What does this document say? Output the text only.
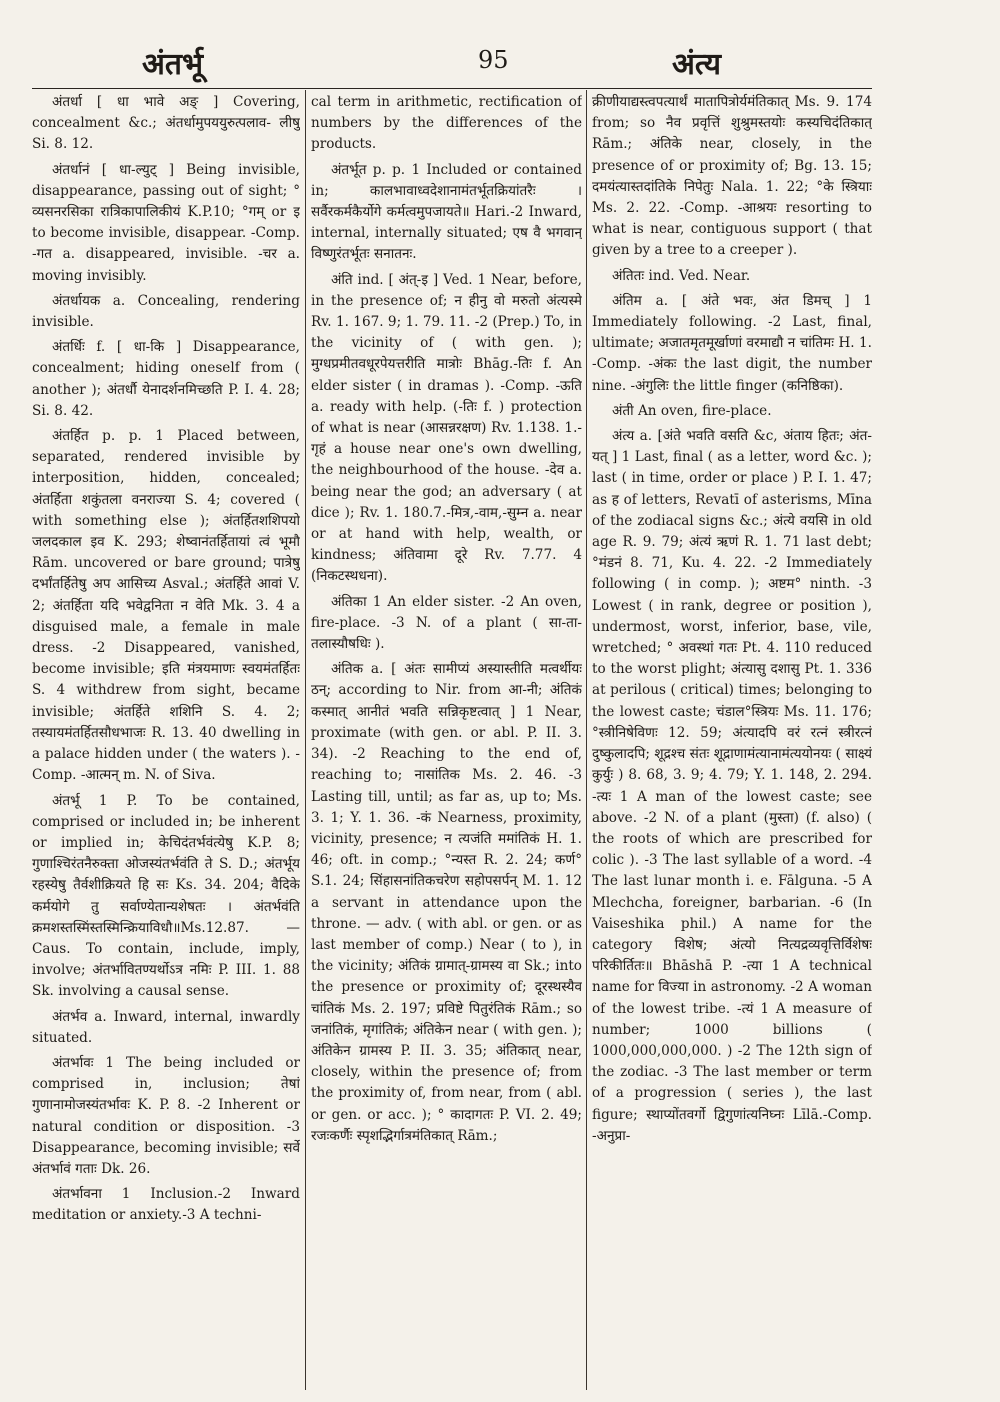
अंतर्भू	95	अंत्य

अंतर्धा [ धा भावे अङ् ] Covering, concealment &c.; अंतर्धामुपययुरुत्पलाव- लीषु Si. 8. 12.

अंतर्धानं [ धा-ल्युट् ] Being invisible, disappearance, passing out of sight; ° व्यसनरसिका रात्रिकापालिकीयं K.P.10; °गम् or इ to become invisible, disappear. -Comp. -गत a. disappeared, invisible. -चर a. moving invisibly.

अंतर्धायक a. Concealing, rendering invisible.

अंतर्धिः f. [ धा-कि ] Disappearance, concealment; hiding oneself from ( another ); अंतर्धौ येनादर्शनमिच्छति P. I. 4. 28; Si. 8. 42.

अंतर्हित p. p. 1 Placed between, separated, rendered invisible by interposition, hidden, concealed; अंतर्हिता शकुंतला वनराज्या S. 4; covered ( with something else ); अंतर्हितशशिपयो जलदकाल इव K. 293; शेष्वानंतर्हितायां त्वं भूमौ Rām. uncovered or bare ground; पात्रेषु दर्भांतर्हितेषु अप आसिच्य Asval.; अंतर्हिते आवां V. 2; अंतर्हिता यदि भवेद्वनिता न वेति Mk. 3. 4 a disguised male, a female in male dress. -2 Disappeared, vanished, become invisible; इति मंत्रयमाणः स्वयमंतर्हितः S. 4 withdrew from sight, became invisible; अंतर्हिते शशिनि S. 4. 2; तस्यायमंतर्हितसौधभाजः R. 13. 40 dwelling in a palace hidden under ( the waters ). -Comp. -आत्मन् m. N. of Siva.

अंतर्भू 1 P. To be contained, comprised or included in; be inherent or implied in; केचिदंतर्भवंत्येषु K.P. 8; गुणाश्चिरंतनैरुक्ता ओजस्यंतर्भवंति ते S. D.; अंतर्भूय रहस्येषु तैर्वशीक्रियते हि सः Ks. 34. 204; वैदिके कर्मयोगे तु सर्वाण्येतान्यशेषतः । अंतर्भवंति क्रमशस्तस्मिंस्तस्मिन्क्रियाविधौ॥Ms.12.87. — Caus. To contain, include, imply, involve; अंतर्भावितण्यर्थोऽत्र नमिः P. III. 1. 88 Sk. involving a causal sense.

अंतर्भव a. Inward, internal, inwardly situated.

अंतर्भावः 1 The being included or comprised in, inclusion; तेषां गुणानामोजस्यंतर्भावः K. P. 8. -2 Inherent or natural condition or disposition. -3 Disappearance, becoming invisible; सर्वे अंतर्भावं गताः Dk. 26.

अंतर्भावना 1 Inclusion.-2 Inward meditation or anxiety.-3 A techni-

cal term in arithmetic, rectification of numbers by the differences of the products.

अंतर्भूत p. p. 1 Included or contained in; कालभावाध्वदेशानामंतर्भूतक्रियांतरैः । सर्वैरकर्मकैर्योगे कर्मत्वमुपजायते॥ Hari.-2 Inward, internal, internally situated; एष वै भगवान् विष्णुरंतर्भूतः सनातनः.

अंति ind. [ अंत्-इ ] Ved. 1 Near, before, in the presence of; न हीनु वो मरुतो अंत्यस्मे Rv. 1. 167. 9; 1. 79. 11. -2 (Prep.) To, in the vicinity of ( with gen. ); मुग्धप्रमीतवधूरपेयत्तरीति मात्रोः Bhāg.-तिः f. An elder sister ( in dramas ). -Comp. -ऊति a. ready with help. (-तिः f. ) protection of what is near (आसन्नरक्षण) Rv. 1.138. 1.-गृहं a house near one's own dwelling, the neighbourhood of the house. -देव a. being near the god; an adversary ( at dice ); Rv. 1. 180.7.-मित्र,-वाम,-सुम्न a. near or at hand with help, wealth, or kindness; अंतिवामा दूरे Rv. 7.77. 4 (निकटस्थधना).

अंतिका 1 An elder sister. -2 An oven, fire-place. -3 N. of a plant ( सा-ता-तलास्यौषधिः ).

अंतिक a. [ अंतः सामीप्यं अस्यास्तीति मत्वर्थीयः ठन्; according to Nir. from आ-नी; अंतिकं कस्मात् आनीतं भवति सन्निकृष्टत्वात् ] 1 Near, proximate (with gen. or abl. P. II. 3. 34). -2 Reaching to the end of, reaching to; नासांतिक Ms. 2. 46. -3 Lasting till, until; as far as, up to; Ms. 3. 1; Y. 1. 36. -कं Nearness, proximity, vicinity, presence; न त्यजंति ममांतिकं H. 1. 46; oft. in comp.; °न्यस्त R. 2. 24; कर्ण° S.1. 24; सिंहासनांतिकचरेण सहोपसर्पन् M. 1. 12 a servant in attendance upon the throne. — adv. ( with abl. or gen. or as last member of comp.) Near ( to ), in the vicinity; अंतिकं ग्रामात्-ग्रामस्य वा Sk.; into the presence or proximity of; दूरस्थस्यैव चांतिकं Ms. 2. 197; प्रविष्टे पितुरंतिकं Rām.; so जनांतिकं, मृगांतिकं; अंतिकेन near ( with gen. ); अंतिकेन ग्रामस्य P. II. 3. 35; अंतिकात् near, closely, within the presence of; from the proximity of, from near, from ( abl. or gen. or acc. ); ° कादागतः P. VI. 2. 49; रजःकर्णैः स्पृशद्भिर्गात्रमंतिकात् Rām.;

क्रीणीयाद्यस्त्वपत्यार्थं मातापित्रोर्यमंतिकात् Ms. 9. 174 from; so नैव प्रवृत्तिं शुश्रुमस्तयोः कस्यचिदंतिकात् Rām.; अंतिके near, closely, in the presence of or proximity of; Bg. 13. 15; दमयंत्यास्तदांतिके निपेतुः Nala. 1. 22; °के स्त्रियाः Ms. 2. 22. -Comp. -आश्रयः resorting to what is near, contiguous support ( that given by a tree to a creeper ).

अंतितः ind. Ved. Near.

अंतिम a. [ अंते भवः, अंत डिमच् ] 1 Immediately following. -2 Last, final, ultimate; अजातमृतमूर्खाणां वरमाद्यौ न चांतिमः H. 1. -Comp. -अंकः the last digit, the number nine. -अंगुलिः the little finger (कनिष्ठिका).

अंती An oven, fire-place.

अंत्य a. [अंते भवति वसति &c, अंताय हितः; अंत-यत् ] 1 Last, final ( as a letter, word &c. ); last ( in time, order or place ) P. I. 1. 47; as ह of letters, Revatī of asterisms, Mīna of the zodiacal signs &c.; अंत्ये वयसि in old age R. 9. 79; अंत्यं ऋणं R. 1. 71 last debt; °मंडनं 8. 71, Ku. 4. 22. -2 Immediately following ( in comp. ); अष्टम° ninth. -3 Lowest ( in rank, degree or position ), undermost, worst, inferior, base, vile, wretched; ° अवस्थां गतः Pt. 4. 110 reduced to the worst plight; अंत्यासु दशासु Pt. 1. 336 at perilous ( critical) times; belonging to the lowest caste; चंडाल°स्त्रियः Ms. 11. 176; °स्त्रीनिषेविणः 12. 59; अंत्यादपि वरं रत्नं स्त्रीरत्नं दुष्कुलादपि; शूद्रश्च संतः शूद्राणामंत्यानामंत्ययोनयः ( साक्ष्यं कुर्युः ) 8. 68, 3. 9; 4. 79; Y. 1. 148, 2. 294. -त्यः 1 A man of the lowest caste; see above. -2 N. of a plant (मुस्ता) (f. also) ( the roots of which are prescribed for colic ). -3 The last syllable of a word. -4 The last lunar month i. e. Fālguna. -5 A Mlechcha, foreigner, barbarian. -6 (In Vaiseshika phil.) A name for the category विशेष; अंत्यो नित्यद्रव्यवृत्तिर्विशेषः परिकीर्तितः॥ Bhāshā P. -त्या 1 A technical name for विज्या in astronomy. -2 A woman of the lowest tribe. -त्यं 1 A measure of number; 1000 billions ( 1000,000,000,000. ) -2 The 12th sign of the zodiac. -3 The last member or term of a progression ( series ), the last figure; स्थाप्योंतवर्गो द्विगुणांत्यनिघ्नः Līlā.-Comp. -अनुप्रा-
